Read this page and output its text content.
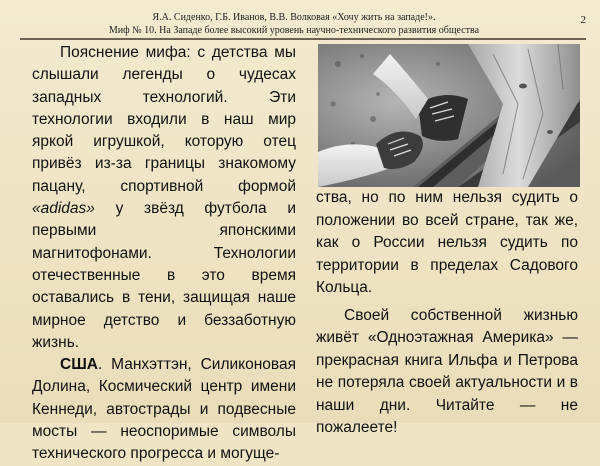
Я.А. Сиденко, Г.Б. Иванов, В.В. Волковая «Хочу жить на западе!».
Миф № 10. На Западе более высокий уровень научно-технического развития общества
2

Пояснение мифа: с детства мы слышали легенды о чудесах западных технологий. Эти технологии входили в наш мир яркой игрушкой, которую отец привёз из-за границы знакомому пацану, спортивной формой «adidas» у звёзд футбола и первыми японскими магнитофонами. Технологии отечественные в это время оставались в тени, защищая наше мирное детство и беззаботную жизнь.

США. Манхэттэн, Силиконовая Долина, Космический центр имени Кеннеди, автострады и подвесные мосты — неоспоримые символы технического прогресса и могуще-

ства, но по ним нельзя судить о положении во всей стране, так же, как о России нельзя судить по территории в пределах Садового Кольца.

Своей собственной жизнью живёт «Одноэтажная Америка» — прекрасная книга Ильфа и Петрова не потеряла своей актуальности и в наши дни. Читайте — не пожалеете!
